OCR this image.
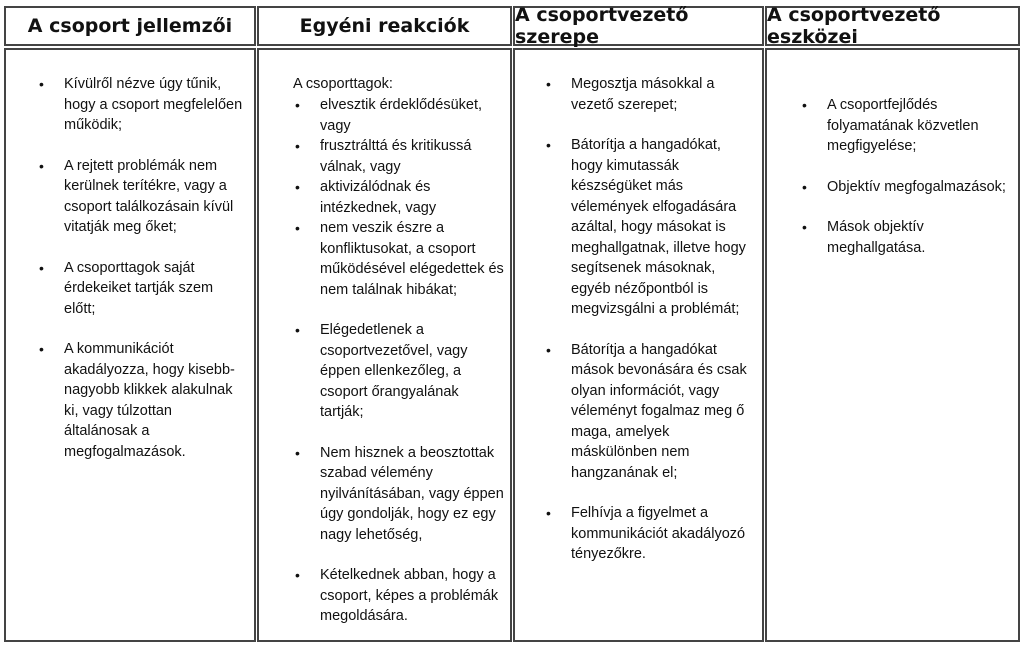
A csoport jellemzői
• Kívülről nézve úgy tűnik, hogy a csoport megfelelően működik;
• A rejtett problémák nem kerülnek terítékre, vagy a csoport találkozásain kívül vitatják meg őket;
• A csoporttagok saját érdekeiket tartják szem előtt;
• A kommunikációt akadályozza, hogy kisebb-nagyobb klikkek alakulnak ki, vagy túlzottan általánosak a megfogalmazások.
Egyéni reakciók
A csoporttagok:
• elvesztik érdeklődésüket, vagy
• frusztrálttá és kritikussá válnak, vagy
• aktivizálódnak és intézkednek, vagy
• nem veszik észre a konfliktusokat, a csoport működésével elégedettek és nem találnak hibákat;
• Elégedetlenek a csoportvezetővel, vagy éppen ellenkezőleg, a csoport őrangyalának tartják;
• Nem hisznek a beosztottak szabad vélemény nyilvánításában, vagy éppen úgy gondolják, hogy ez egy nagy lehetőség,
• Kételkednek abban, hogy a csoport, képes a problémák megoldására.
A csoportvezető szerepe
• Megosztja másokkal a vezető szerepet;
• Bátorítja a hangadókat, hogy kimutassák készségüket más vélemények elfogadására azáltal, hogy másokat is meghallgatnak, illetve hogy segítsenek másoknak, egyéb nézőpontból is megvizsgálni a problémát;
• Bátorítja a hangadókat mások bevonására és csak olyan információt, vagy véleményt fogalmaz meg ő maga, amelyek máskülönben nem hangzanának el;
• Felhívja a figyelmet a kommunikációt akadályozó tényezőkre.
A csoportvezető eszközei
• A csoportfejlődés folyamatának közvetlen megfigyelése;
• Objektív megfogalmazások;
• Mások objektív meghallgatása.
